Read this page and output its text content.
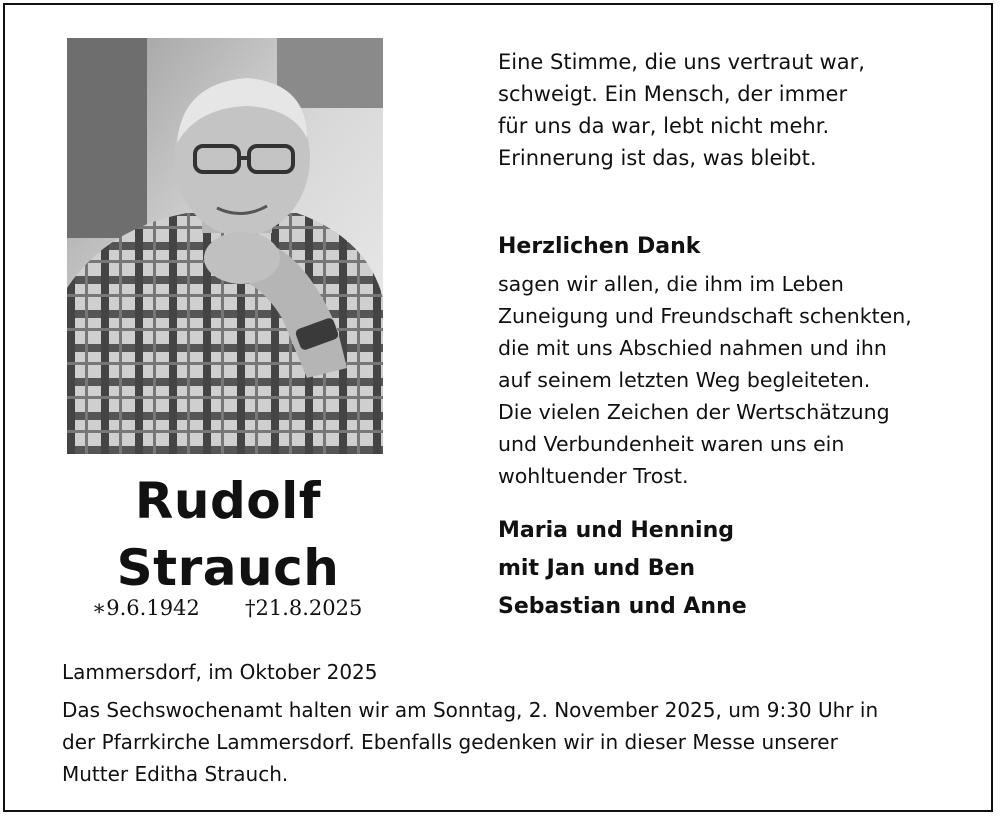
Rudolf
Strauch
∗9.6.1942 †21.8.2025
Eine Stimme, die uns vertraut war,
schweigt. Ein Mensch, der immer
für uns da war, lebt nicht mehr.
Erinnerung ist das, was bleibt.
Herzlichen Dank
sagen wir allen, die ihm im Leben
Zuneigung und Freundschaft schenkten,
die mit uns Abschied nahmen und ihn
auf seinem letzten Weg begleiteten.
Die vielen Zeichen der Wertschätzung
und Verbundenheit waren uns ein
wohltuender Trost.
Maria und Henning
mit Jan und Ben
Sebastian und Anne
Lammersdorf, im Oktober 2025
Das Sechswochenamt halten wir am Sonntag, 2. November 2025, um 9:30 Uhr in
der Pfarrkirche Lammersdorf. Ebenfalls gedenken wir in dieser Messe unserer
Mutter Editha Strauch.
